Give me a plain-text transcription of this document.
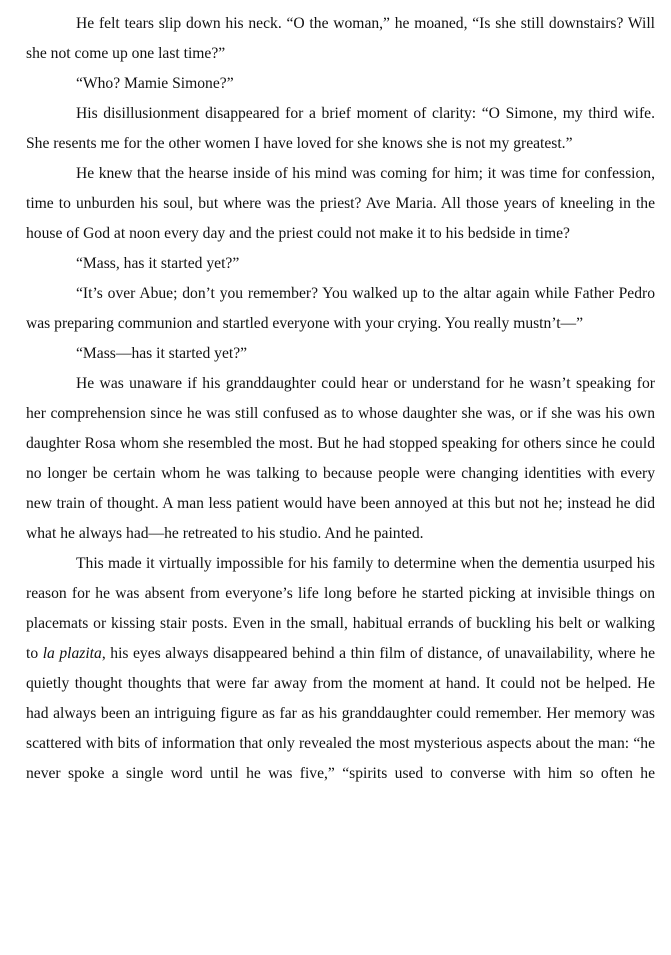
He felt tears slip down his neck. “O the woman,” he moaned, “Is she still downstairs? Will she not come up one last time?”

“Who? Mamie Simone?”

His disillusionment disappeared for a brief moment of clarity: “O Simone, my third wife. She resents me for the other women I have loved for she knows she is not my greatest.”

He knew that the hearse inside of his mind was coming for him; it was time for confession, time to unburden his soul, but where was the priest? Ave Maria. All those years of kneeling in the house of God at noon every day and the priest could not make it to his bedside in time?

“Mass, has it started yet?”

“It’s over Abue; don’t you remember? You walked up to the altar again while Father Pedro was preparing communion and startled everyone with your crying. You really mustn’t—”

“Mass—has it started yet?”

He was unaware if his granddaughter could hear or understand for he wasn’t speaking for her comprehension since he was still confused as to whose daughter she was, or if she was his own daughter Rosa whom she resembled the most. But he had stopped speaking for others since he could no longer be certain whom he was talking to because people were changing identities with every new train of thought. A man less patient would have been annoyed at this but not he; instead he did what he always had—he retreated to his studio. And he painted.

This made it virtually impossible for his family to determine when the dementia usurped his reason for he was absent from everyone’s life long before he started picking at invisible things on placemats or kissing stair posts. Even in the small, habitual errands of buckling his belt or walking to la plazita, his eyes always disappeared behind a thin film of distance, of unavailability, where he quietly thought thoughts that were far away from the moment at hand. It could not be helped. He had always been an intriguing figure as far as his granddaughter could remember. Her memory was scattered with bits of information that only revealed the most mysterious aspects about the man: “he never spoke a single word until he was five,” “spirits used to converse with him so often he
